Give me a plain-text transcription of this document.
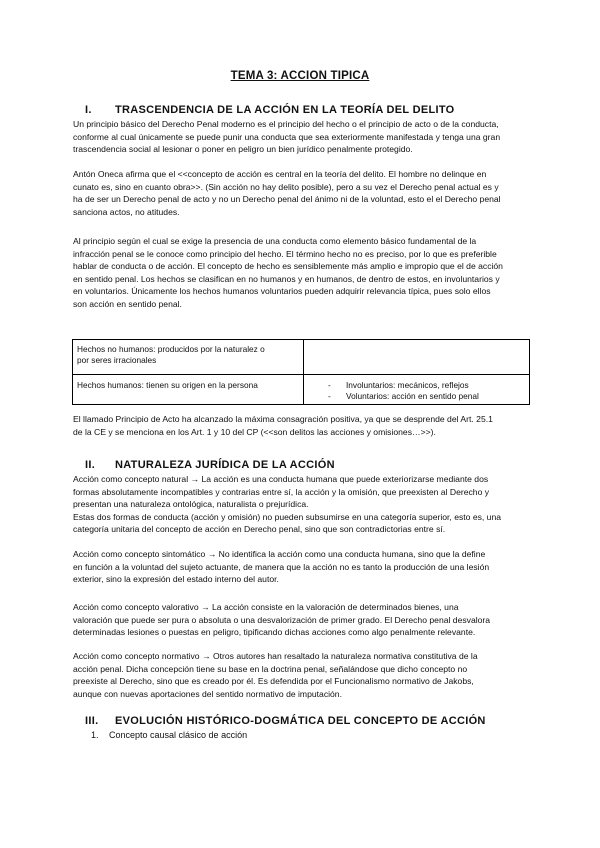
TEMA 3: ACCION TIPICA
I. TRASCENDENCIA DE LA ACCIÓN EN LA TEORÍA DEL DELITO
Un principio básico del Derecho Penal moderno es el principio del hecho o el principio de acto o de la conducta,
conforme al cual únicamente se puede punir una conducta que sea exteriormente manifestada y tenga una gran
trascendencia social al lesionar o poner en peligro un bien jurídico penalmente protegido.
Antón Oneca afirma que el <<concepto de acción es central en la teoría del delito. El hombre no delinque en
cunato es, sino en cuanto obra>>. (Sin acción no hay delito posible), pero a su vez el Derecho penal actual es y
ha de ser un Derecho penal de acto y no un Derecho penal del ánimo ni de la voluntad, esto el el Derecho penal
sanciona actos, no atitudes.
Al principio según el cual se exige la presencia de una conducta como elemento básico fundamental de la
infracción penal se le conoce como principio del hecho. El término hecho no es preciso, por lo que es preferible
hablar de conducta o de acción. El concepto de hecho es sensiblemente más amplio e impropio que el de acción
en sentido penal. Los hechos se clasifican en no humanos y en humanos, de dentro de estos, en involuntarios y
en voluntarios. Únicamente los hechos humanos voluntarios pueden adquirir relevancia típica, pues solo ellos
son acción en sentido penal.
Hechos no humanos: producidos por la naturalez o
por seres irracionales	

Hechos humanos: tienen su origen en la persona	- Involuntarios: mecánicos, reflejos
- Voluntarios: acción en sentido penal
El llamado Principio de Acto ha alcanzado la máxima consagración positiva, ya que se desprende del Art. 25.1
de la CE y se menciona en los Art. 1 y 10 del CP (<<son delitos las acciones y omisiones…>>).
II. NATURALEZA JURÍDICA DE LA ACCIÓN
Acción como concepto natural → La acción es una conducta humana que puede exteriorizarse mediante dos
formas absolutamente incompatibles y contrarias entre sí, la acción y la omisión, que preexisten al Derecho y
presentan una naturaleza ontológica, naturalista o prejurídica.
Estas dos formas de conducta (acción y omisión) no pueden subsumirse en una categoría superior, esto es, una
categoría unitaria del concepto de acción en Derecho penal, sino que son contradictorias entre sí.
Acción como concepto sintomático → No identifica la acción como una conducta humana, sino que la define
en función a la voluntad del sujeto actuante, de manera que la acción no es tanto la producción de una lesión
exterior, sino la expresión del estado interno del autor.
Acción como concepto valorativo → La acción consiste en la valoración de determinados bienes, una
valoración que puede ser pura o absoluta o una desvalorización de primer grado. El Derecho penal desvalora
determinadas lesiones o puestas en peligro, tipificando dichas acciones como algo penalmente relevante.
Acción como concepto normativo → Otros autores han resaltado la naturaleza normativa constitutiva de la
acción penal. Dicha concepción tiene su base en la doctrina penal, señalándose que dicho concepto no
preexiste al Derecho, sino que es creado por él. Es defendida por el Funcionalismo normativo de Jakobs,
aunque con nuevas aportaciones del sentido normativo de imputación.
III. EVOLUCIÓN HISTÓRICO-DOGMÁTICA DEL CONCEPTO DE ACCIÓN
1. Concepto causal clásico de acción
